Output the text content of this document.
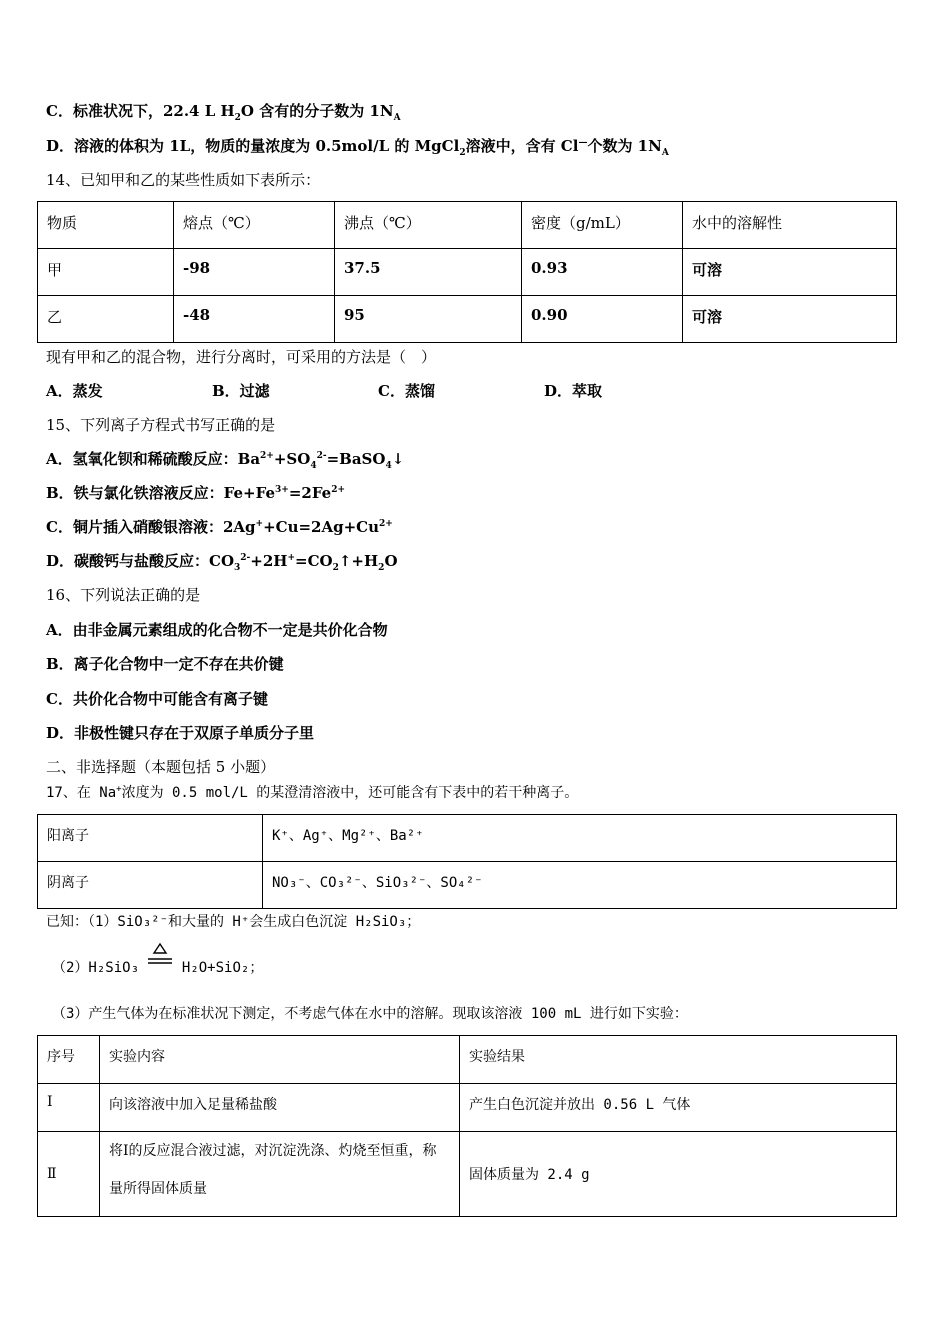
C．标准状况下，22.4 L $H_2O$ 含有的分子数为 $1N_A$
D．溶液的体积为 1L，物质的量浓度为 0.5mol/L 的 MgCl$_2$溶液中，含有 Cl—个数为 $1N_A$
14、已知甲和乙的某些性质如下表所示：
物质	熔点（℃）	沸点（℃）	密度（g/mL）	水中的溶解性
甲	-98	37.5	0.93	可溶
乙	-48	95	0.90	可溶
现有甲和乙的混合物，进行分离时，可采用的方法是（　）
A．蒸发	B．过滤	C．蒸馏	D．萃取
15、下列离子方程式书写正确的是
A．氢氧化钡和稀硫酸反应：$Ba^{2+}+SO_4^{2-}=BaSO_4↓$
B．铁与氯化铁溶液反应：$Fe+Fe^{3+}=2Fe^{2+}$
C．铜片插入硝酸银溶液：$2Ag^++Cu=2Ag+Cu^{2+}$
D．碳酸钙与盐酸反应：$CO_3^{2-}+2H^+=CO_2↑+H_2O$
16、下列说法正确的是
A．由非金属元素组成的化合物不一定是共价化合物
B．离子化合物中一定不存在共价键
C．共价化合物中可能含有离子键
D．非极性键只存在于双原子单质分子里
二、非选择题（本题包括 5 小题）
17、在 Na+浓度为 0.5 mol/L 的某澄清溶液中，还可能含有下表中的若干种离子。
阳离子	K⁺、Ag⁺、Mg²⁺、Ba²⁺
阴离子	NO₃⁻、CO₃²⁻、SiO₃²⁻、SO₄²⁻
已知：（1）SiO₃²⁻和大量的 H⁺会生成白色沉淀 H₂SiO₃；
（2）H₂SiO₃	H₂O+SiO₂；
（3）产生气体为在标准状况下测定，不考虑气体在水中的溶解。现取该溶液 100 mL 进行如下实验：
序号	实验内容	实验结果
Ⅰ	向该溶液中加入足量稀盐酸	产生白色沉淀并放出 0.56 L 气体
Ⅱ	将Ⅰ的反应混合液过滤，对沉淀洗涤、灼烧至恒重，称量所得固体质量	固体质量为 2.4 g
